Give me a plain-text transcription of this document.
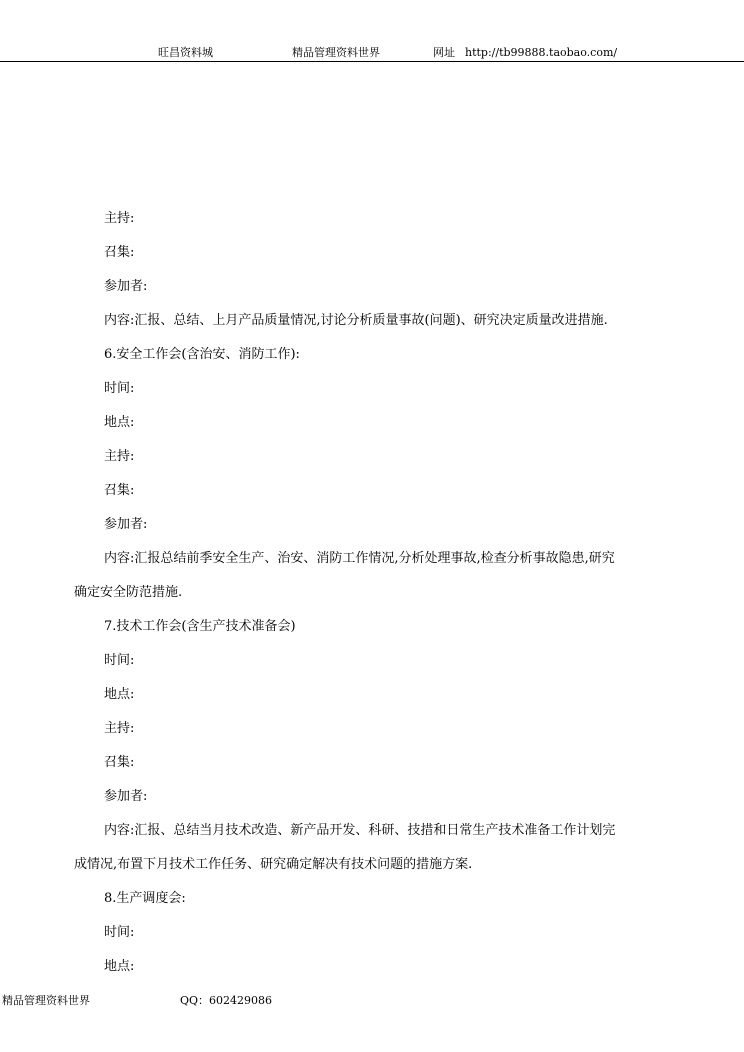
旺昌资料城	精品管理资料世界	网址 http://tb99888.taobao.com/
主持:
召集:
参加者:
内容:汇报、总结、上月产品质量情况,讨论分析质量事故(问题)、研究决定质量改进措施.
6.安全工作会(含治安、消防工作):
时间:
地点:
主持:
召集:
参加者:
内容:汇报总结前季安全生产、治安、消防工作情况,分析处理事故,检查分析事故隐患,研究
确定安全防范措施.
7.技术工作会(含生产技术准备会)
时间:
地点:
主持:
召集:
参加者:
内容:汇报、总结当月技术改造、新产品开发、科研、技措和日常生产技术准备工作计划完
成情况,布置下月技术工作任务、研究确定解决有技术问题的措施方案.
8.生产调度会:
时间:
地点:
精品管理资料世界	QQ：602429086
